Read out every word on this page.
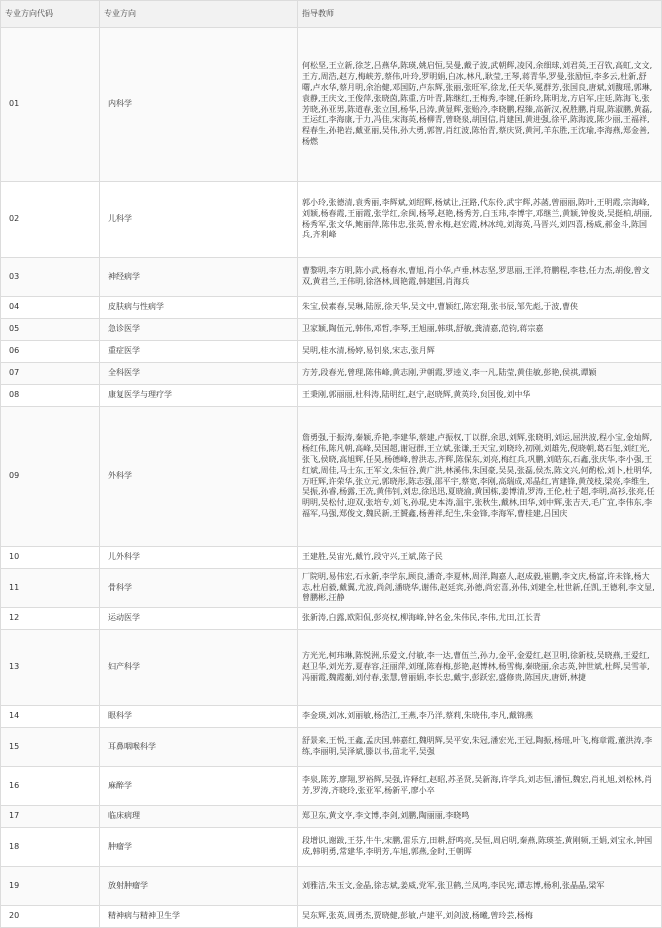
专业方向代码	专业方向	指导教师
01	内科学	何松坚,王立新,徐芝,吕燕华,陈瑛,姚启恒,吴曼,戴子波,武朝辉,凌冈,余细球,刘君英,王召钦,高虹,文文,王方,周浩,赵方,梅峡芳,蔡伟,叶玲,罗明娟,白冰,林凡,耿莹,王琴,蒋青华,罗曼,张励恒,李多云,杜新,舒曙,卢水华,蔡月明,余治健,邓国防,卢东辉,张丽,张旺军,徐龙,任天华,冕群芳,张国良,唐斌,刘馥瑶,郭琳,袁静,王庆文,王俊萍,张晓茵,陈重,方叶青,陈继红,王梅秀,李键,任新玲,陈明龙,方启军,庄廷,陈海飞,张芳晓,孙亚男,陈道春,张立国,杨华,吕涛,黄显辉,张贻冷,李晓鹏,程臻,高新汉,祝胜鹏,肖琨,陈淑鹏,黄磊,王运红,李海康,于力,冯佳,宋海英,杨柳青,曾晓泉,胡国信,肖建国,黄进强,徐平,陈海波,陈少丽,王福祥,程春生,孙艳岩,戴亚丽,吴伟,孙大勇,郭智,肖红波,陈怡青,蔡庆贤,黄河,羊东胜,王沈瑜,李海燕,郑金善,杨燃
02	儿科学	郭小玲,张德清,袁秀丽,李辉斌,刘绍辉,杨斌让,汪路,代东伶,武宇辉,苏菡,曾丽丽,陈叶,王明霞,宗海峰,刘颖,杨春霞,王丽霞,张学红,余闽,杨琴,赵艳,杨秀芳,白玉玮,李博宇,邓继兰,黄颖,钟俊炎,吴挺柏,胡丽,杨秀军,张文华,鲍丽萍,陈伟忠,张英,曾永梅,赵宏霞,林冰纯,刘海英,马晋兴,刘四喜,杨威,郝金斗,陈国兵,齐利峰
03	神经病学	曹黎明,李方明,陈小武,杨春水,曹旭,肖小华,卢垂,林志坚,罗思丽,王洋,符鹏程,李巷,任力杰,胡俊,曾文双,黄君兰,王伟明,徐洛林,周艳霞,韩建国,肖海兵
04	皮肤病与性病学	朱宝,侯素春,吴琳,陆原,徐天华,吴文中,曹颖红,陈宏翔,张书辰,邹先彪,于波,曹侠
05	急诊医学	卫家颖,陶伍元,韩伟,邓哲,李琴,王旭丽,韩琪,舒敏,龚清嘉,范钧,蒋宗嘉
06	重症医学	吴明,桂水清,杨婷,易钊泉,宋志,张月辉
07	全科医学	方芳,段春光,曾理,陈伟峰,黄志刚,尹朝霞,罗逵义,李一凡,陆莹,黄佳敏,彭艳,侯祺,谭颖
08	康复医学与理疗学	王秉刚,郭丽丽,杜科涛,陆明红,赵宁,赵晓辉,黄英玲,贠国俊,刘中华
09	外科学	詹勇强,于振涛,秦颖,乔艳,李建华,蔡建,卢振权,丁以群,余思,刘辉,张晓明,刘运,屈洪波,程小宝,金灿辉,杨红伟,陈凡朝,高峰,吴国超,谢冠群,王立斌,张谦,王天宝,刘晓玲,初刚,刘雄先,倪晓朝,葛石玺,刘红光,张飞,侯晓,高旭辉,任昊,杨德峰,曾洪志,齐辉,陈保东,刘亮,梅红兵,巩鹏,刘皓东,石鑫,张庆华,李小强,王红斌,周佳,马士东,王军文,朱恒谷,黄广洪,林溪伟,朱国豪,吴昊,张磊,侯杰,陈文兴,何酌松,刘卜,杜明华,万旺辉,许荣华,张立元,郭晓彤,陈志强,邵平宇,蔡宽,李刚,高瑞成,邓晶红,宵建锋,黄茂枝,梁亮,李维生,吴振,孙睿,杨露,王冼,黄伟钊,刘忠,徐迅迅,夏晓渝,黄国栋,姜博清,罗涛,王伦,杜子超,李明,高衫,张亮,任明明,吴松付,迎双,张培专,刘飞,孙琨,史本涛,温宇,张秋生,戴林,田华,刘中辉,张吉天,毛广宜,李伟东,李福军,马强,郑俊文,魏民新,王贇鑫,杨善祥,纪生,朱金锋,李海军,曹桂建,吕国庆
10	儿外科学	王建胜,吴宙光,戴竹,段守兴,王斌,陈子民
11	骨科学	厂院明,易伟宏,石永新,李学东,顾良,潘奇,李夏林,周洋,陶嘉人,赵成毅,崔鹏,李文庆,杨富,许未锋,杨大志,杜启毅,戴翼,尤波,尚剑,潘晓华,谢伟,赵廷宾,孙德,尚宏喜,孙伟,刘建全,杜世新,任凯,王德利,李文显,曾鹏彬,汪静
12	运动医学	张新涛,白露,欧阳侃,彭亮权,柳海峰,钟名金,朱伟民,李伟,尤田,江长青
13	妇产科学	方光光,柯玮琳,陈悦洲,乐爱文,付敏,李一达,曹伍兰,孙力,金平,金爱红,赵卫明,徐新枝,吴晓燕,王爱红,赵卫华,刘光芳,夏春容,汪丽萍,刘瑾,陈春梅,彭艳,赵博林,杨雪梅,秦晓丽,余志英,钟世斌,杜辉,吴雪菲,冯丽霞,魏霞蘅,刘付春,张慧,曾丽娟,李长忠,戴宇,彭跃宏,盛修贵,陈国庆,唐妍,林捷
14	眼科学	李金瑛,刘冰,刘丽敏,杨浩江,王燕,李乃洋,蔡莉,朱晓伟,李凡,戴锦燕
15	耳鼻咽喉科学	舒景来,王悦,王鑫,孟庆国,韩嘉红,魏明辉,吴平安,朱冠,潘宏光,王冠,陶振,杨瑶,叶飞,梅章霞,董洪涛,李练,李丽明,吴泽斌,滕以书,苗北平,吴强
16	麻醉学	李泉,陈芳,廖翔,罗裕辉,吴强,许释红,赵昭,苏圣贤,吴新海,许学兵,刘志恒,潘恒,魏宏,肖礼旭,刘松林,肖芳,罗涛,齐晓玲,张亚军,杨新平,廖小卒
17	临床病理	郑卫东,黄文亨,李文博,李剑,刘鹏,陶丽丽,李晓鸣
18	肿瘤学	段增识,谢跋,王芬,牛牛,宋鹏,雷乐方,田耕,舒鸣亮,吴恒,周启明,秦燕,陈瑛荃,黄刚频,王娟,刘宝永,钟国成,韩明勇,常建华,李明芳,车旭,郭燕,金时,王朝晖
19	放射肿瘤学	刘雅洁,朱玉文,金晶,徐志斌,姜威,党军,张卫鹤,兰凤鸣,李民宪,谭志博,杨利,张晶晶,梁军
20	精神病与精神卫生学	吴东辉,张英,周勇杰,贾晓健,彭敏,卢建平,刘剑波,杨曦,曾玲芸,杨梅
